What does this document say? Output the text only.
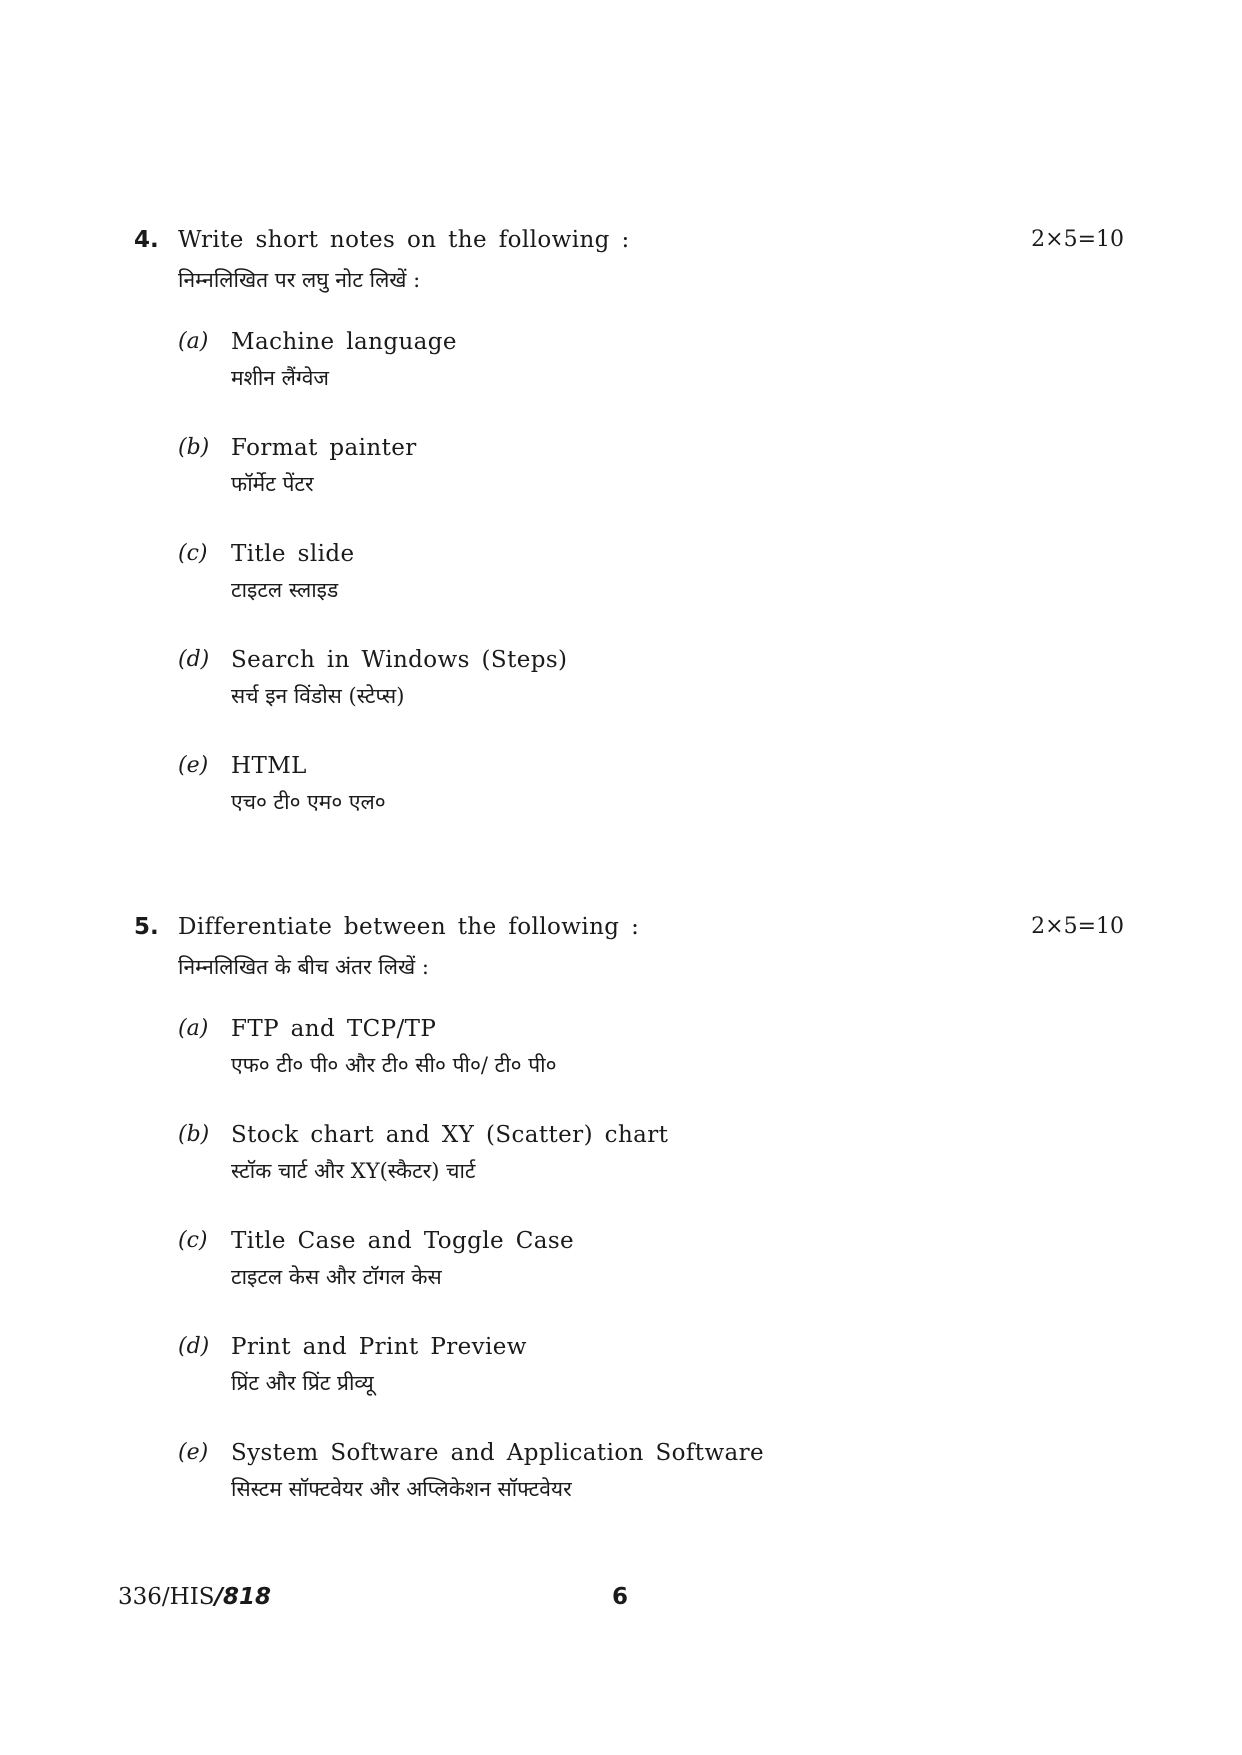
4. Write short notes on the following :	2×5=10
निम्नलिखित पर लघु नोट लिखें :
(a) Machine language
मशीन लैंग्वेज
(b) Format painter
फॉर्मेट पेंटर
(c) Title slide
टाइटल स्लाइड
(d) Search in Windows (Steps)
सर्च इन विंडोस (स्टेप्स)
(e) HTML
एच० टी० एम० एल०
5. Differentiate between the following :	2×5=10
निम्नलिखित के बीच अंतर लिखें :
(a) FTP and TCP/TP
एफ० टी० पी० और टी० सी० पी०/ टी० पी०
(b) Stock chart and XY (Scatter) chart
स्टॉक चार्ट और XY(स्कैटर) चार्ट
(c) Title Case and Toggle Case
टाइटल केस और टॉगल केस
(d) Print and Print Preview
प्रिंट और प्रिंट प्रीव्यू
(e) System Software and Application Software
सिस्टम सॉफ्टवेयर और अप्लिकेशन सॉफ्टवेयर
336/HIS/818	6
